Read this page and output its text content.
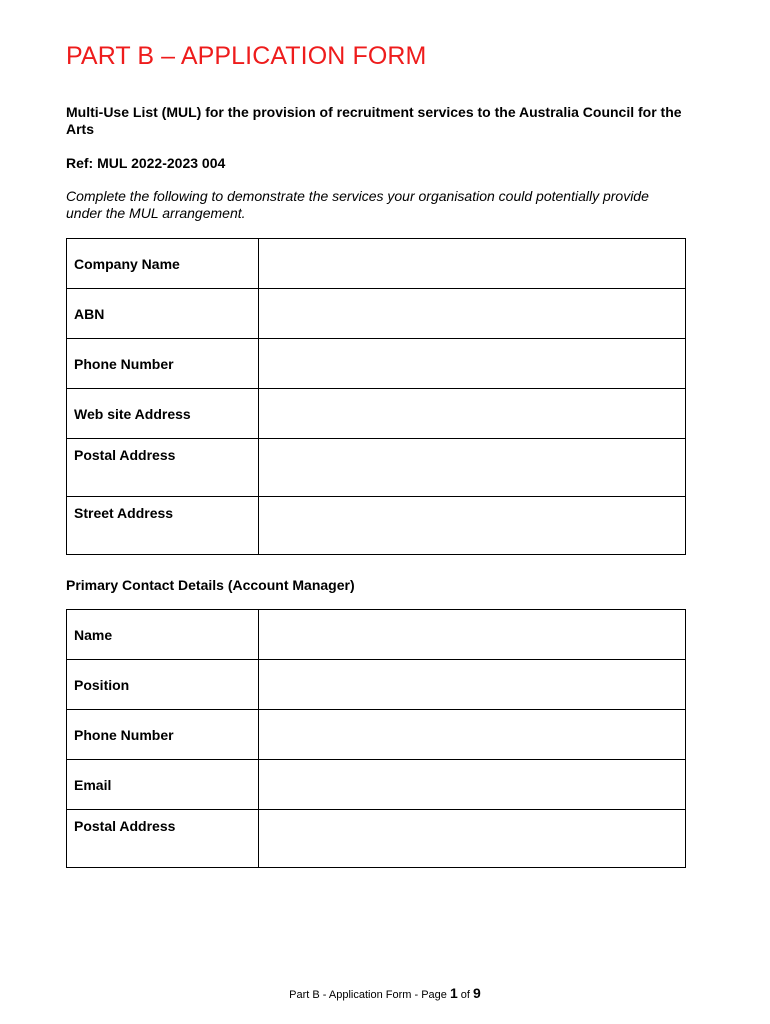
PART B – APPLICATION FORM

Multi-Use List (MUL) for the provision of recruitment services to the Australia Council for the Arts

Ref: MUL 2022-2023 004

Complete the following to demonstrate the services your organisation could potentially provide under the MUL arrangement.

Company Name	
ABN	
Phone Number	
Web site Address	
Postal Address	
Street Address	

Primary Contact Details (Account Manager)

Name	
Position	
Phone Number	
Email	
Postal Address	
Part B - Application Form - Page 1 of 9
